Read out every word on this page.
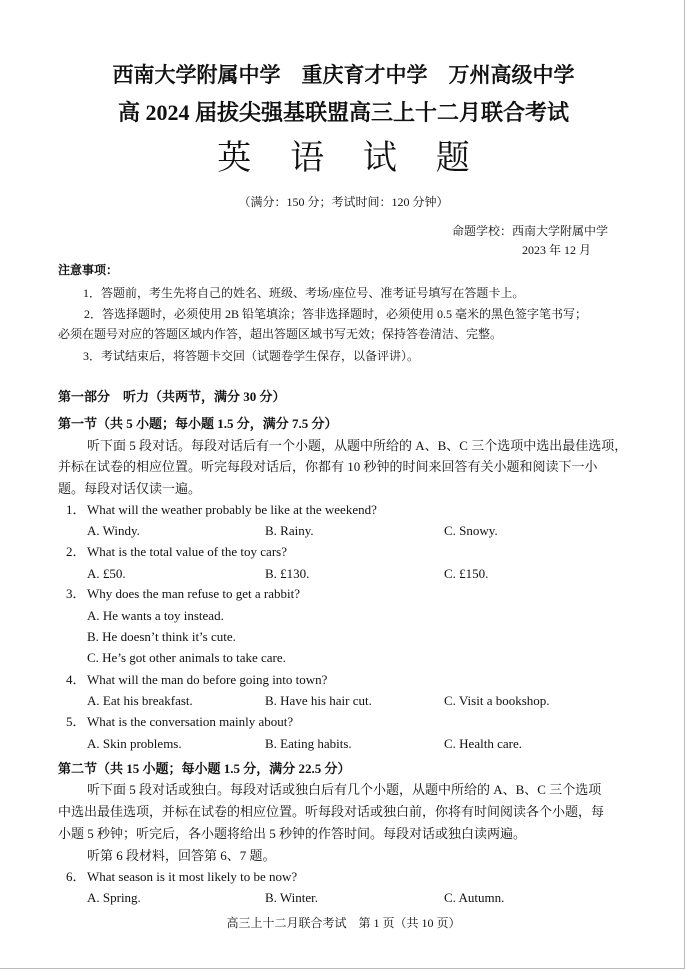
西南大学附属中学　重庆育才中学　万州高级中学
高 2024 届拔尖强基联盟高三上十二月联合考试
英 语 试 题
（满分：150 分；考试时间：120 分钟）
命题学校：西南大学附属中学
2023 年 12 月
注意事项：
1．答题前，考生先将自己的姓名、班级、考场/座位号、准考证号填写在答题卡上。
2．答选择题时，必须使用 2B 铅笔填涂；答非选择题时，必须使用 0.5 毫米的黑色签字笔书写；
必须在题号对应的答题区域内作答，超出答题区域书写无效；保持答卷清洁、完整。
3．考试结束后，将答题卡交回（试题卷学生保存，以备评讲）。
第一部分　听力（共两节，满分 30 分）
第一节（共 5 小题；每小题 1.5 分，满分 7.5 分）
听下面 5 段对话。每段对话后有一个小题，从题中所给的 A、B、C 三个选项中选出最佳选项，
并标在试卷的相应位置。听完每段对话后，你都有 10 秒钟的时间来回答有关小题和阅读下一小
题。每段对话仅读一遍。
1． What will the weather probably be like at the weekend?
A. Windy.	B. Rainy.	C. Snowy.
2． What is the total value of the toy cars?
A. £50.	B. £130.	C. £150.
3． Why does the man refuse to get a rabbit?
A. He wants a toy instead.
B. He doesn’t think it’s cute.
C. He’s got other animals to take care.
4． What will the man do before going into town?
A. Eat his breakfast.	B. Have his hair cut.	C. Visit a bookshop.
5． What is the conversation mainly about?
A. Skin problems.	B. Eating habits.	C. Health care.
第二节（共 15 小题；每小题 1.5 分，满分 22.5 分）
听下面 5 段对话或独白。每段对话或独白后有几个小题，从题中所给的 A、B、C 三个选项
中选出最佳选项，并标在试卷的相应位置。听每段对话或独白前，你将有时间阅读各个小题，每
小题 5 秒钟；听完后，各小题将给出 5 秒钟的作答时间。每段对话或独白读两遍。
听第 6 段材料，回答第 6、7 题。
6． What season is it most likely to be now?
A. Spring.	B. Winter.	C. Autumn.
高三上十二月联合考试　第 1 页（共 10 页）
